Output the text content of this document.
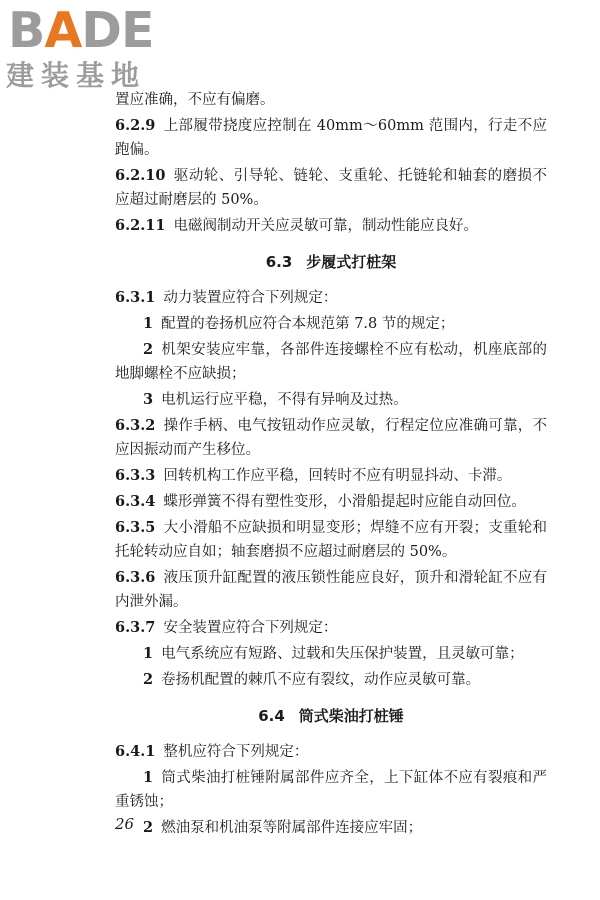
BADE
建装基地

置应准确，不应有偏磨。

6.2.9 上部履带挠度应控制在 40mm～60mm 范围内，行走不应跑偏。

6.2.10 驱动轮、引导轮、链轮、支重轮、托链轮和轴套的磨损不应超过耐磨层的 50%。

6.2.11 电磁阀制动开关应灵敏可靠，制动性能应良好。

6.3 步履式打桩架

6.3.1 动力装置应符合下列规定：

1 配置的卷扬机应符合本规范第 7.8 节的规定；

2 机架安装应牢靠，各部件连接螺栓不应有松动，机座底部的地脚螺栓不应缺损；

3 电机运行应平稳，不得有异响及过热。

6.3.2 操作手柄、电气按钮动作应灵敏，行程定位应准确可靠，不应因振动而产生移位。

6.3.3 回转机构工作应平稳，回转时不应有明显抖动、卡滞。

6.3.4 蝶形弹簧不得有塑性变形，小滑船提起时应能自动回位。

6.3.5 大小滑船不应缺损和明显变形；焊缝不应有开裂；支重轮和托轮转动应自如；轴套磨损不应超过耐磨层的 50%。

6.3.6 液压顶升缸配置的液压锁性能应良好，顶升和滑轮缸不应有内泄外漏。

6.3.7 安全装置应符合下列规定：

1 电气系统应有短路、过载和失压保护装置，且灵敏可靠；

2 卷扬机配置的棘爪不应有裂纹，动作应灵敏可靠。

6.4 筒式柴油打桩锤

6.4.1 整机应符合下列规定：

1 筒式柴油打桩锤附属部件应齐全，上下缸体不应有裂痕和严重锈蚀；

2 燃油泵和机油泵等附属部件连接应牢固；

26
